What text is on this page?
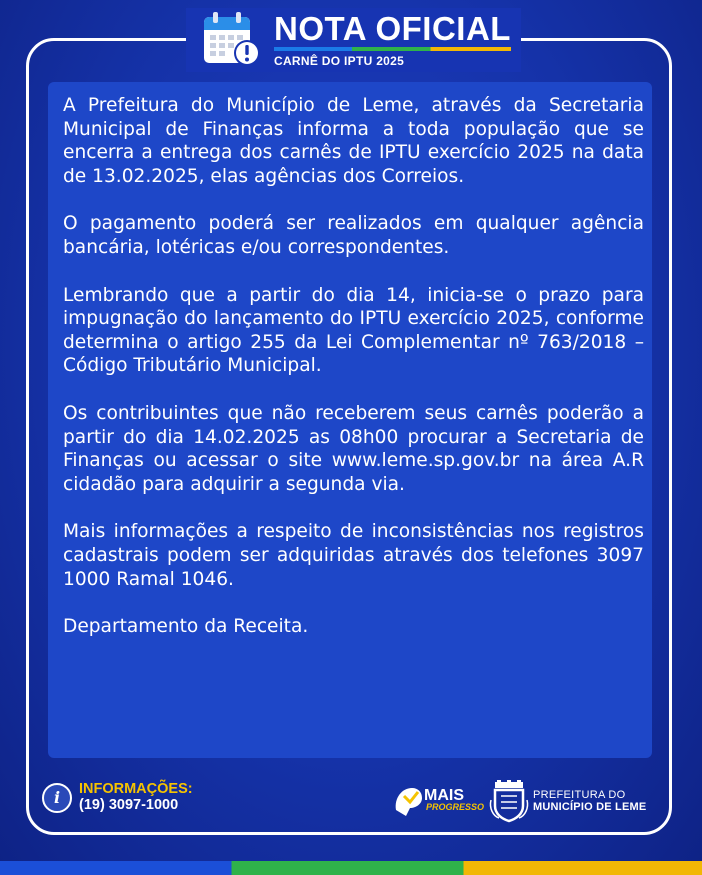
NOTA OFICIAL
CARNÊ DO IPTU 2025

A Prefeitura do Município de Leme, através da Secretaria Municipal de Finanças informa a toda população que se encerra a entrega dos carnês de IPTU exercício 2025 na data de 13.02.2025, elas agências dos Correios.

O pagamento poderá ser realizados em qualquer agência bancária, lotéricas e/ou correspondentes.

Lembrando que a partir do dia 14, inicia-se o prazo para impugnação do lançamento do IPTU exercício 2025, conforme determina o artigo 255 da Lei Complementar nº 763/2018 – Código Tributário Municipal.

Os contribuintes que não receberem seus carnês poderão a partir do dia 14.02.2025 as 08h00 procurar a Secretaria de Finanças ou acessar o site www.leme.sp.gov.br na área A.R cidadão para adquirir a segunda via.

Mais informações a respeito de inconsistências nos registros cadastrais podem ser adquiridas através dos telefones 3097 1000 Ramal 1046.

Departamento da Receita.

i	INFORMAÇÕES:
(19) 3097-1000
MAIS
PROGRESSO
PREFEITURA DO
MUNICÍPIO DE LEME
